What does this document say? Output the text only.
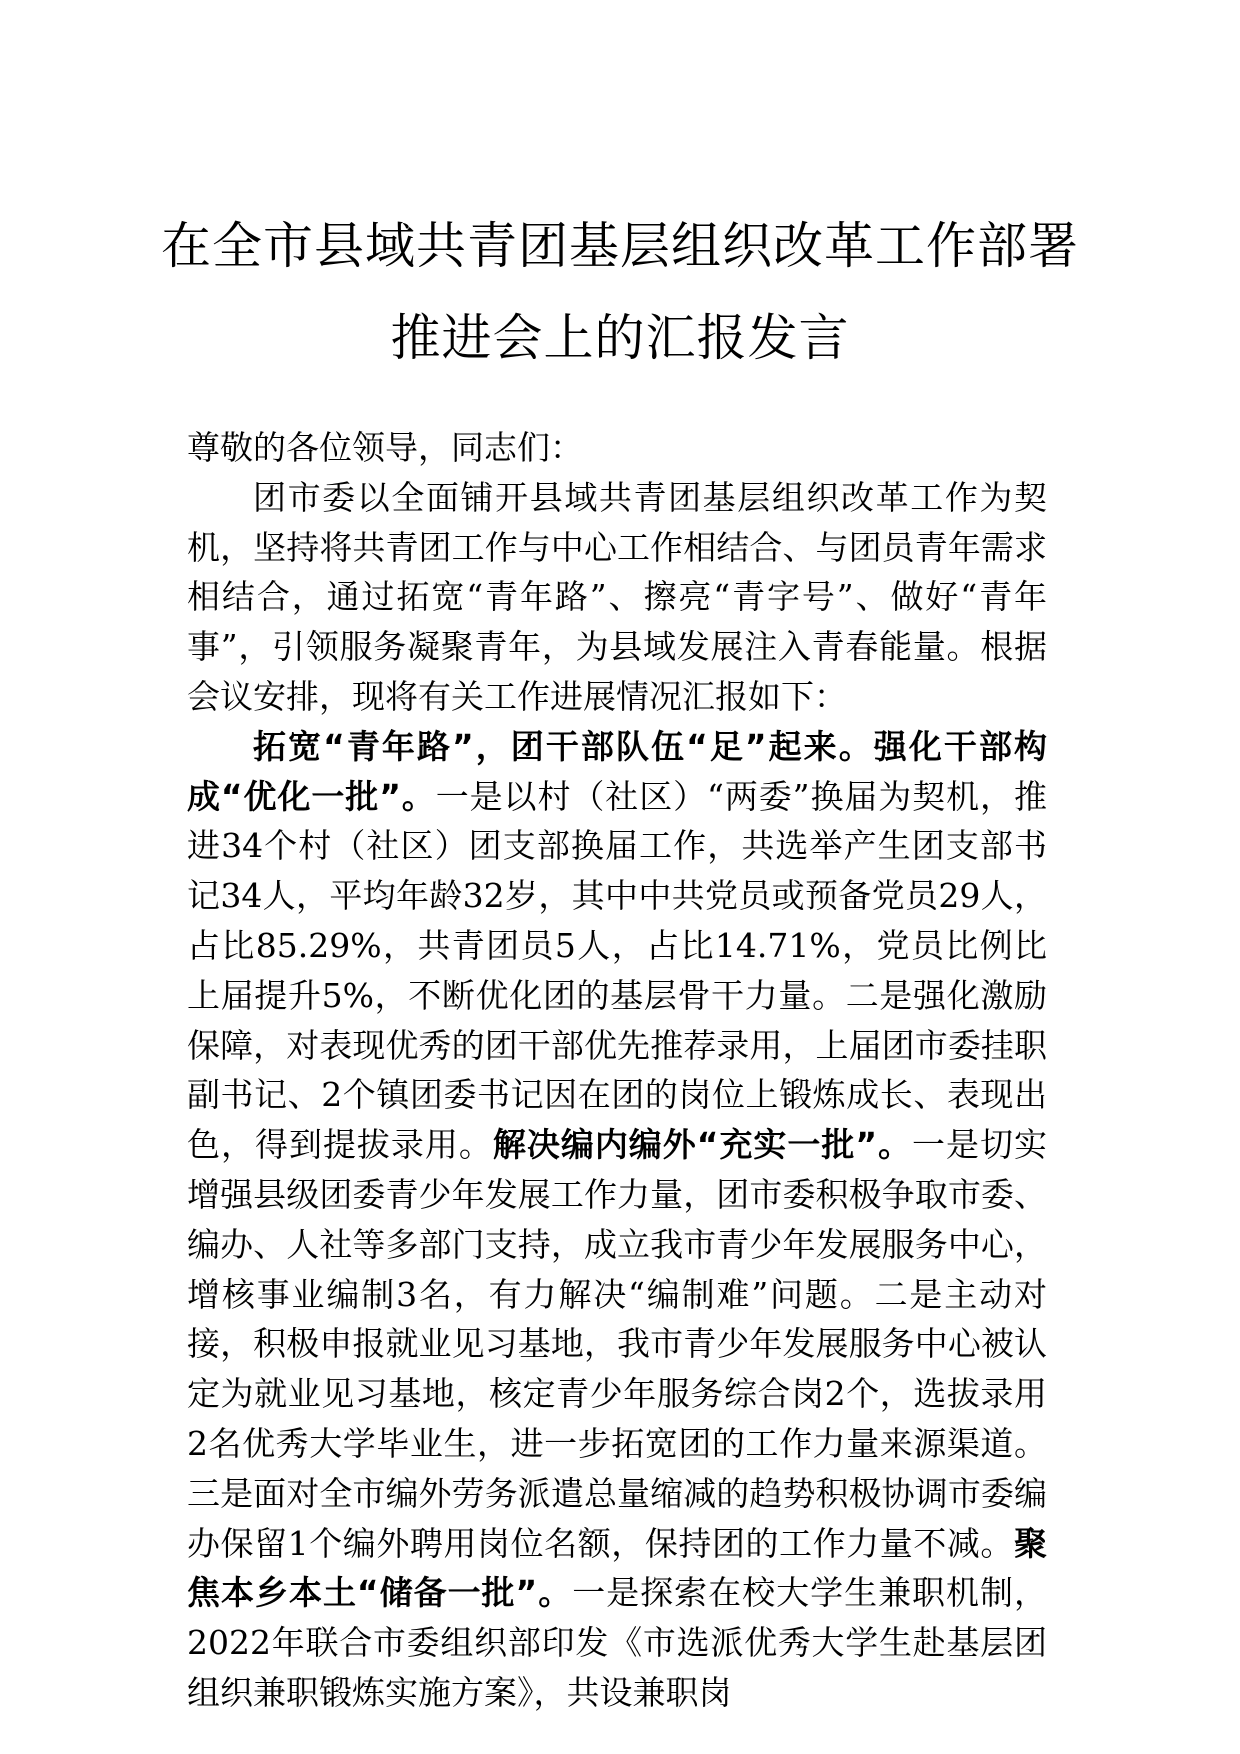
在全市县域共青团基层组织改革工作部署
推进会上的汇报发言

尊敬的各位领导，同志们：

团市委以全面铺开县域共青团基层组织改革工作为契机，坚持将共青团工作与中心工作相结合、与团员青年需求相结合，通过拓宽“青年路”、擦亮“青字号”、做好“青年事”，引领服务凝聚青年，为县域发展注入青春能量。根据会议安排，现将有关工作进展情况汇报如下：

拓宽“青年路”，团干部队伍“足”起来。强化干部构成“优化一批”。一是以村（社区）“两委”换届为契机，推进34个村（社区）团支部换届工作，共选举产生团支部书记34人，平均年龄32岁，其中中共党员或预备党员29人，占比85.29%，共青团员5人，占比14.71%，党员比例比上届提升5%，不断优化团的基层骨干力量。二是强化激励保障，对表现优秀的团干部优先推荐录用，上届团市委挂职副书记、2个镇团委书记因在团的岗位上锻炼成长、表现出色，得到提拔录用。解决编内编外“充实一批”。一是切实增强县级团委青少年发展工作力量，团市委积极争取市委、编办、人社等多部门支持，成立我市青少年发展服务中心，增核事业编制3名，有力解决“编制难”问题。二是主动对接，积极申报就业见习基地，我市青少年发展服务中心被认定为就业见习基地，核定青少年服务综合岗2个，选拔录用2名优秀大学毕业生，进一步拓宽团的工作力量来源渠道。三是面对全市编外劳务派遣总量缩减的趋势积极协调市委编办保留1个编外聘用岗位名额，保持团的工作力量不减。聚焦本乡本土“储备一批”。一是探索在校大学生兼职机制，2022年联合市委组织部印发《市选派优秀大学生赴基层团组织兼职锻炼实施方案》，共设兼职岗
